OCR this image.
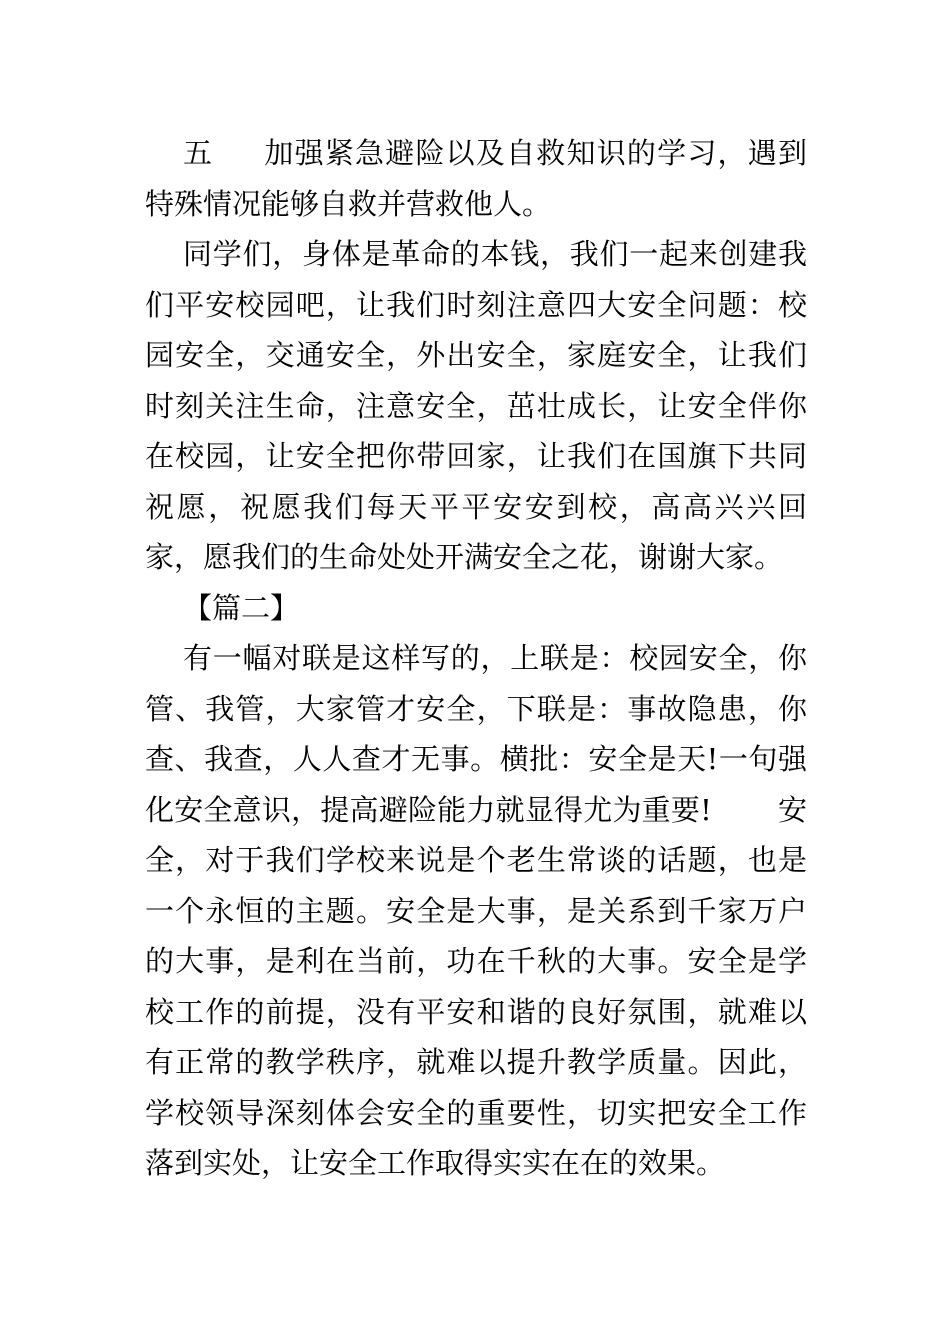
五 加强紧急避险以及自救知识的学习，遇到特殊情况能够自救并营救他人。

同学们，身体是革命的本钱，我们一起来创建我们平安校园吧，让我们时刻注意四大安全问题：校园安全，交通安全，外出安全，家庭安全，让我们时刻关注生命，注意安全，茁壮成长，让安全伴你在校园，让安全把你带回家，让我们在国旗下共同祝愿，祝愿我们每天平平安安到校，高高兴兴回家，愿我们的生命处处开满安全之花，谢谢大家。

【篇二】

有一幅对联是这样写的，上联是：校园安全，你管、我管，大家管才安全，下联是：事故隐患，你查、我查，人人查才无事。横批：安全是天!一句强化安全意识，提高避险能力就显得尤为重要! 安全，对于我们学校来说是个老生常谈的话题，也是一个永恒的主题。安全是大事，是关系到千家万户的大事，是利在当前，功在千秋的大事。安全是学校工作的前提，没有平安和谐的良好氛围，就难以有正常的教学秩序，就难以提升教学质量。因此，学校领导深刻体会安全的重要性，切实把安全工作落到实处，让安全工作取得实实在在的效果。
